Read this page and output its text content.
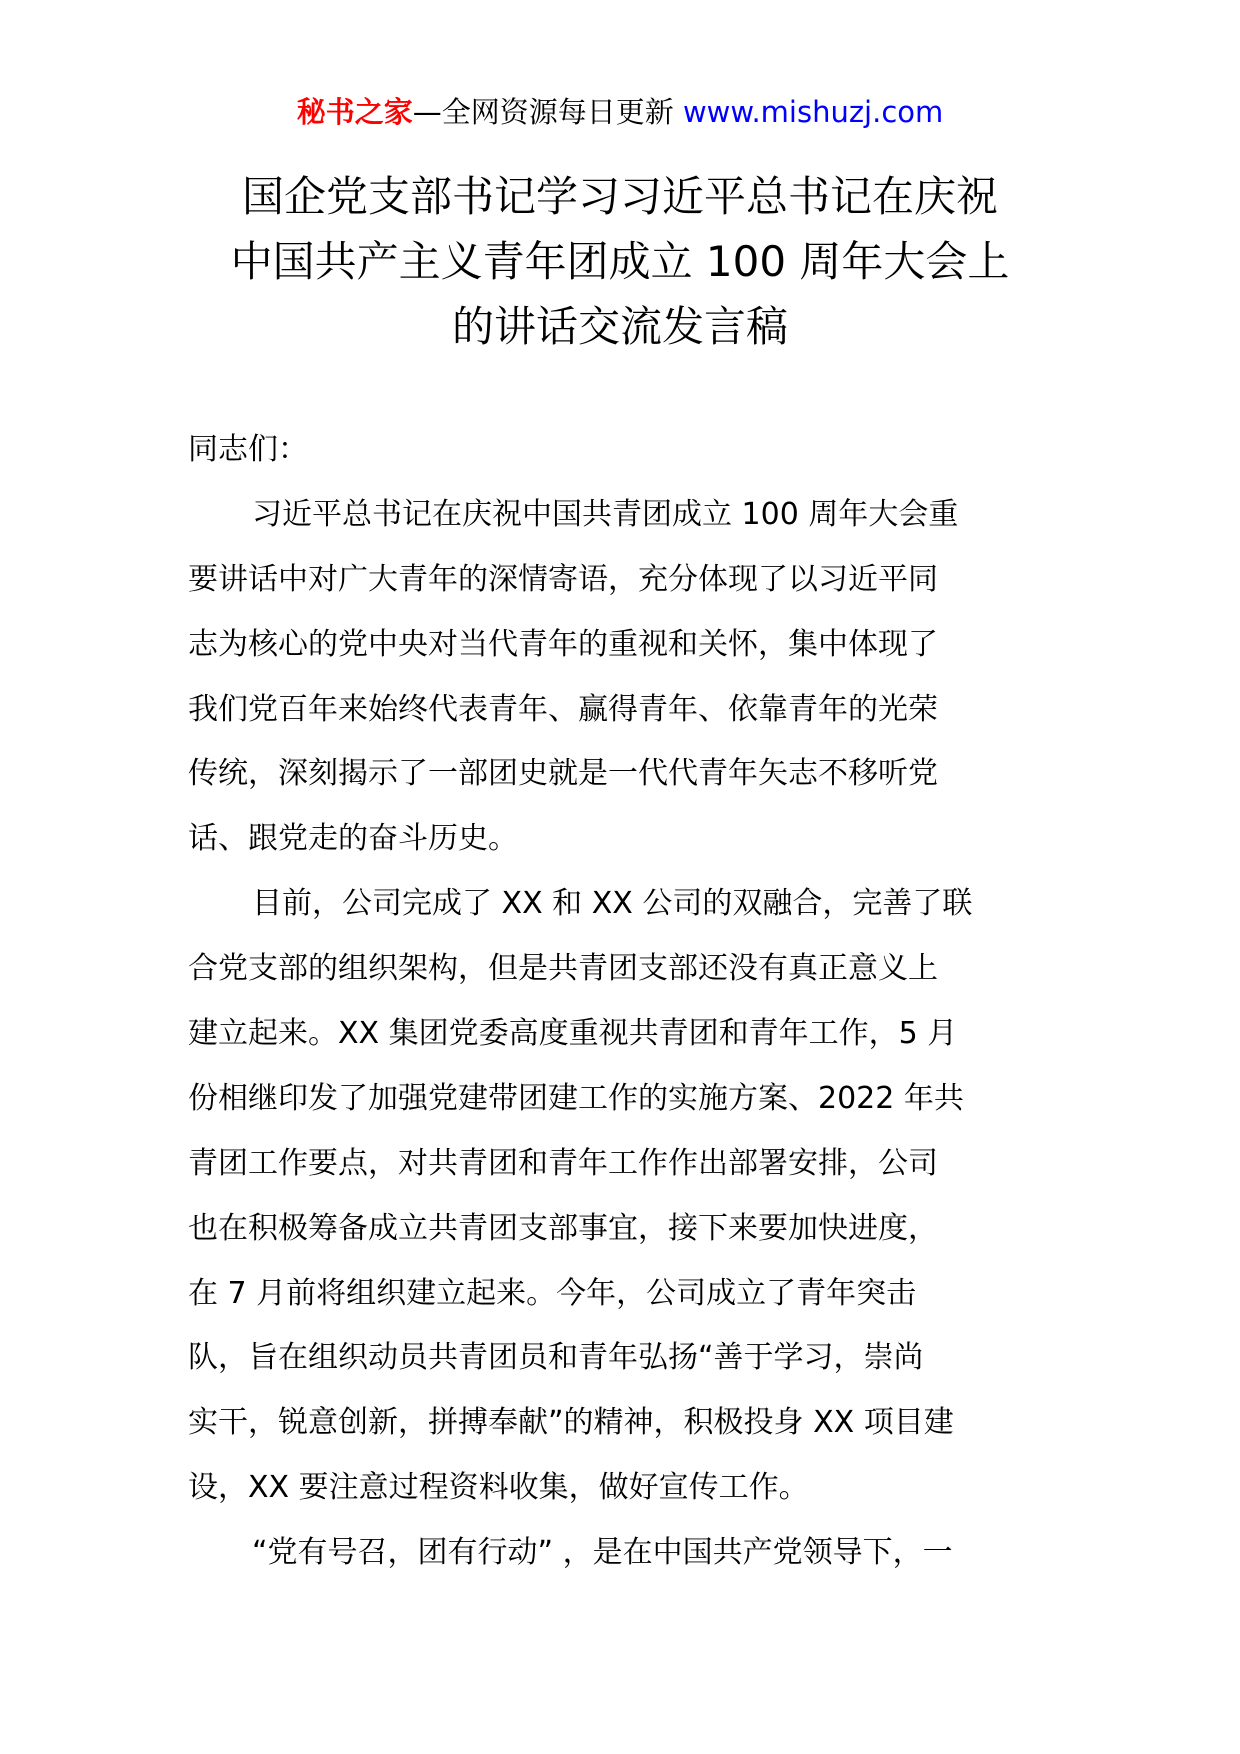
秘书之家—全网资源每日更新 www.mishuzj.com
国企党支部书记学习习近平总书记在庆祝
中国共产主义青年团成立 100 周年大会上
的讲话交流发言稿
同志们：
习近平总书记在庆祝中国共青团成立 100 周年大会重
要讲话中对广大青年的深情寄语，充分体现了以习近平同
志为核心的党中央对当代青年的重视和关怀，集中体现了
我们党百年来始终代表青年、赢得青年、依靠青年的光荣
传统，深刻揭示了一部团史就是一代代青年矢志不移听党
话、跟党走的奋斗历史。
目前，公司完成了 XX 和 XX 公司的双融合，完善了联
合党支部的组织架构，但是共青团支部还没有真正意义上
建立起来。XX 集团党委高度重视共青团和青年工作，5 月
份相继印发了加强党建带团建工作的实施方案、2022 年共
青团工作要点，对共青团和青年工作作出部署安排，公司
也在积极筹备成立共青团支部事宜，接下来要加快进度，
在 7 月前将组织建立起来。今年，公司成立了青年突击
队，旨在组织动员共青团员和青年弘扬“善于学习，崇尚
实干，锐意创新，拼搏奉献”的精神，积极投身 XX 项目建
设，XX 要注意过程资料收集，做好宣传工作。
“党有号召，团有行动” ，是在中国共产党领导下，一
